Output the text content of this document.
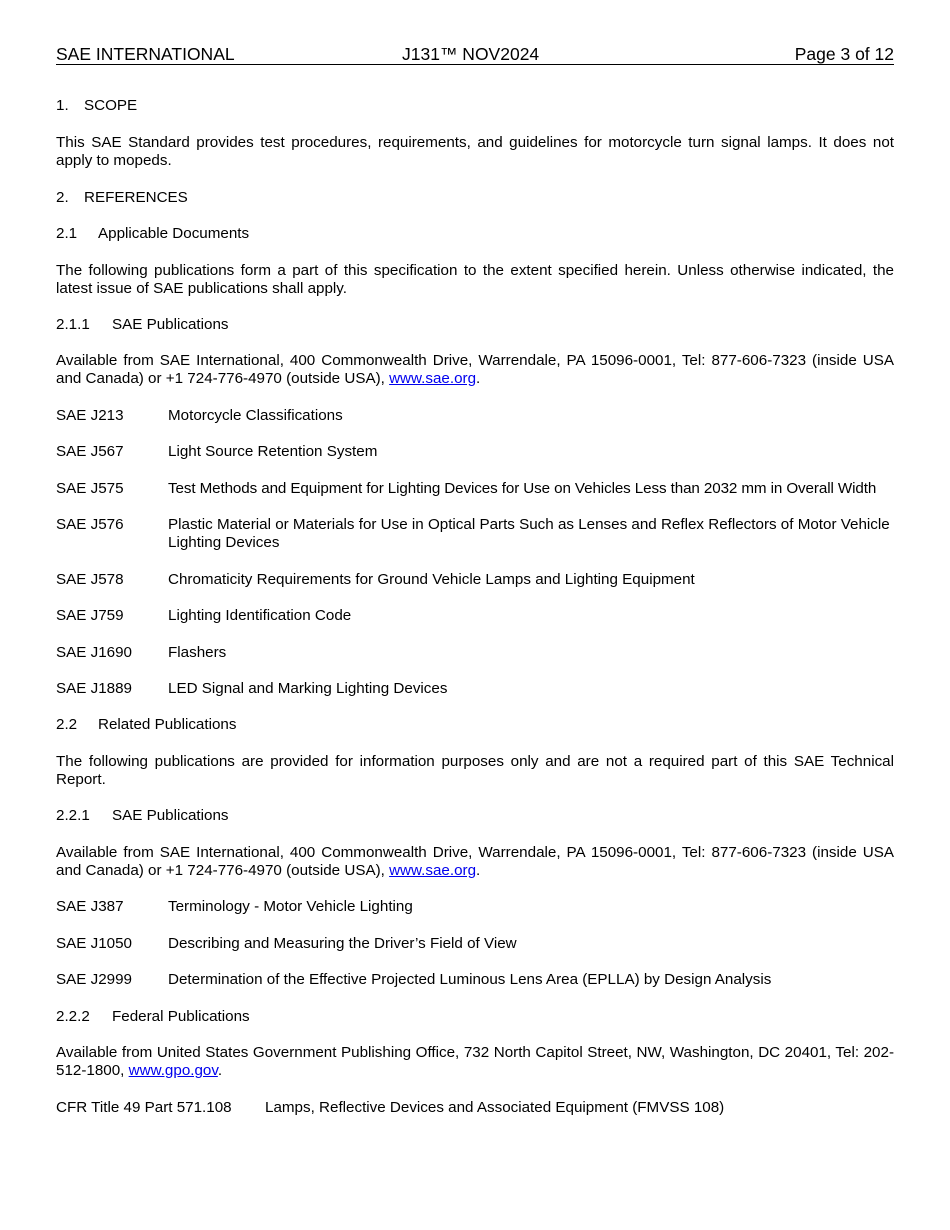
SAE INTERNATIONAL	J131™ NOV2024	Page 3 of 12
1. SCOPE
This SAE Standard provides test procedures, requirements, and guidelines for motorcycle turn signal lamps. It does not apply to mopeds.
2. REFERENCES
2.1 Applicable Documents
The following publications form a part of this specification to the extent specified herein. Unless otherwise indicated, the latest issue of SAE publications shall apply.
2.1.1 SAE Publications
Available from SAE International, 400 Commonwealth Drive, Warrendale, PA 15096-0001, Tel: 877-606-7323 (inside USA and Canada) or +1 724-776-4970 (outside USA), www.sae.org.
SAE J213	Motorcycle Classifications
SAE J567	Light Source Retention System
SAE J575	Test Methods and Equipment for Lighting Devices for Use on Vehicles Less than 2032 mm in Overall Width
SAE J576	Plastic Material or Materials for Use in Optical Parts Such as Lenses and Reflex Reflectors of Motor Vehicle Lighting Devices
SAE J578	Chromaticity Requirements for Ground Vehicle Lamps and Lighting Equipment
SAE J759	Lighting Identification Code
SAE J1690 Flashers
SAE J1889 LED Signal and Marking Lighting Devices
2.2 Related Publications
The following publications are provided for information purposes only and are not a required part of this SAE Technical Report.
2.2.1 SAE Publications
Available from SAE International, 400 Commonwealth Drive, Warrendale, PA 15096-0001, Tel: 877-606-7323 (inside USA and Canada) or +1 724-776-4970 (outside USA), www.sae.org.
SAE J387	Terminology - Motor Vehicle Lighting
SAE J1050 Describing and Measuring the Driver’s Field of View
SAE J2999 Determination of the Effective Projected Luminous Lens Area (EPLLA) by Design Analysis
2.2.2 Federal Publications
Available from United States Government Publishing Office, 732 North Capitol Street, NW, Washington, DC 20401, Tel: 202-512-1800, www.gpo.gov.
CFR Title 49 Part 571.108 Lamps, Reflective Devices and Associated Equipment (FMVSS 108)
